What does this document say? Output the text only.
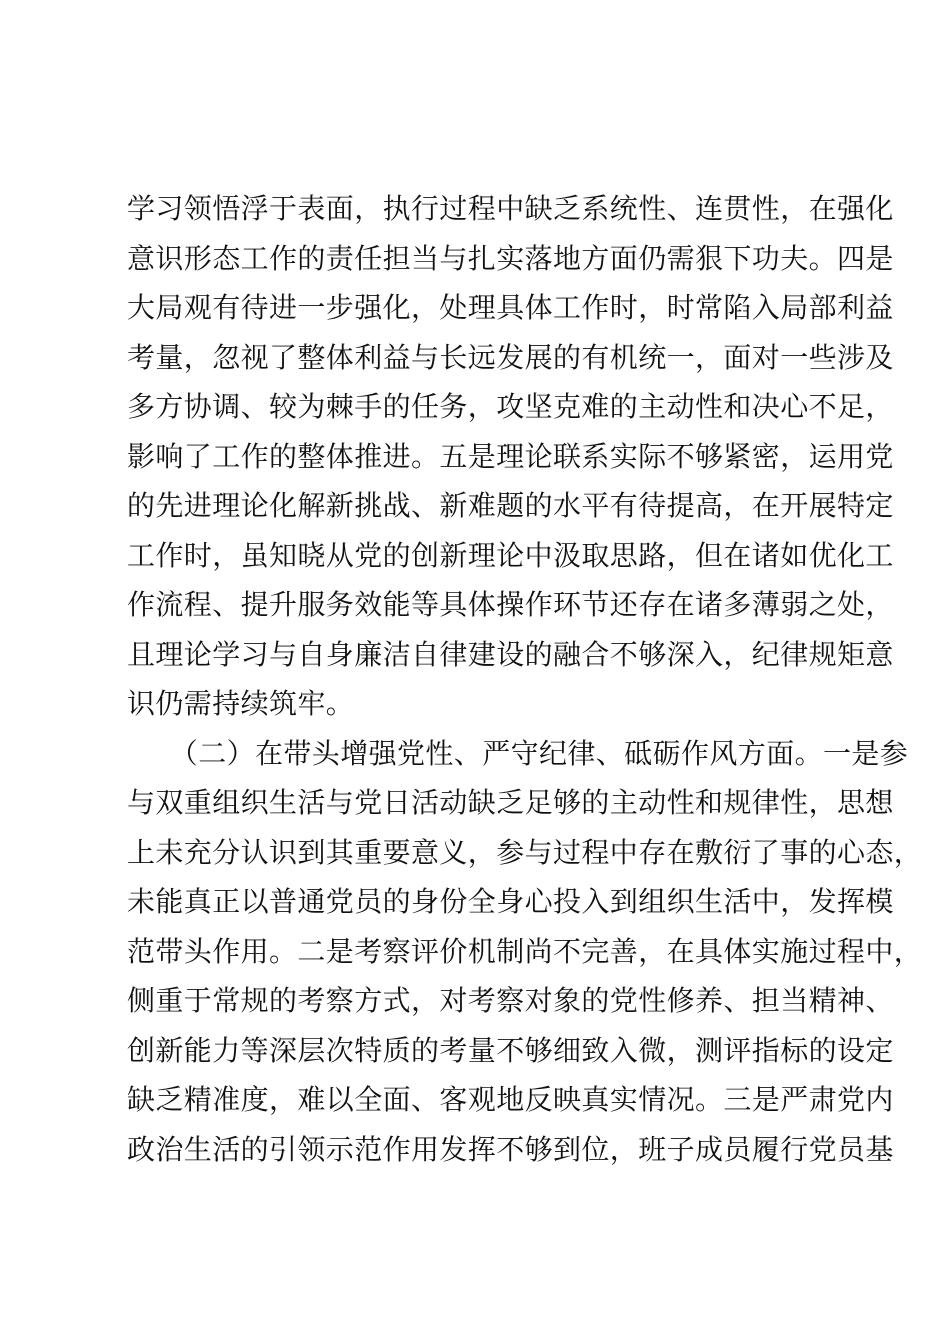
学习领悟浮于表面，执行过程中缺乏系统性、连贯性，在强化
意识形态工作的责任担当与扎实落地方面仍需狠下功夫。四是
大局观有待进一步强化，处理具体工作时，时常陷入局部利益
考量，忽视了整体利益与长远发展的有机统一，面对一些涉及
多方协调、较为棘手的任务，攻坚克难的主动性和决心不足，
影响了工作的整体推进。五是理论联系实际不够紧密，运用党
的先进理论化解新挑战、新难题的水平有待提高，在开展特定
工作时，虽知晓从党的创新理论中汲取思路，但在诸如优化工
作流程、提升服务效能等具体操作环节还存在诸多薄弱之处，
且理论学习与自身廉洁自律建设的融合不够深入，纪律规矩意
识仍需持续筑牢。
　　（二）在带头增强党性、严守纪律、砥砺作风方面。一是参
与双重组织生活与党日活动缺乏足够的主动性和规律性，思想
上未充分认识到其重要意义，参与过程中存在敷衍了事的心态，
未能真正以普通党员的身份全身心投入到组织生活中，发挥模
范带头作用。二是考察评价机制尚不完善，在具体实施过程中，
侧重于常规的考察方式，对考察对象的党性修养、担当精神、
创新能力等深层次特质的考量不够细致入微，测评指标的设定
缺乏精准度，难以全面、客观地反映真实情况。三是严肃党内
政治生活的引领示范作用发挥不够到位，班子成员履行党员基
